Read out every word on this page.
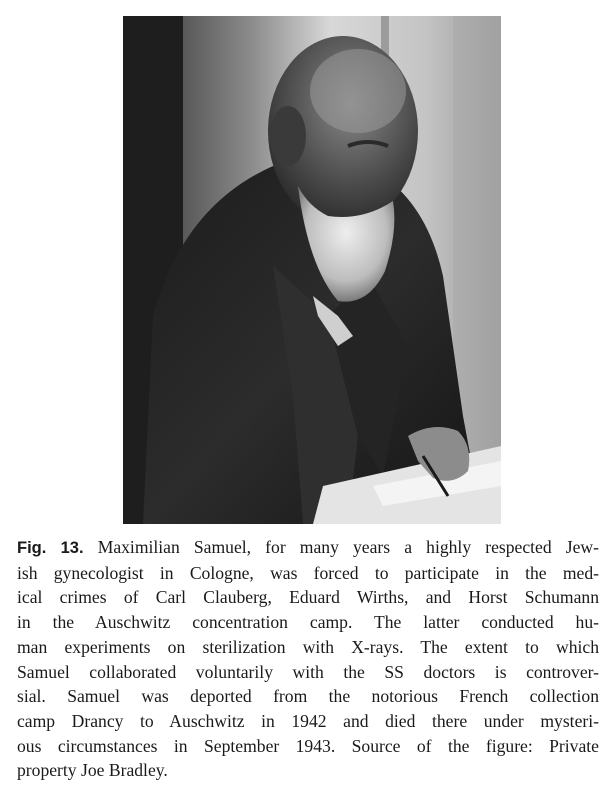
Fig. 13. Maximilian Samuel, for many years a highly respected Jew-
ish gynecologist in Cologne, was forced to participate in the med-
ical crimes of Carl Clauberg, Eduard Wirths, and Horst Schumann
in the Auschwitz concentration camp. The latter conducted hu-
man experiments on sterilization with X-rays. The extent to which
Samuel collaborated voluntarily with the SS doctors is controver-
sial. Samuel was deported from the notorious French collection
camp Drancy to Auschwitz in 1942 and died there under mysteri-
ous circumstances in September 1943. Source of the figure: Private
property Joe Bradley.
